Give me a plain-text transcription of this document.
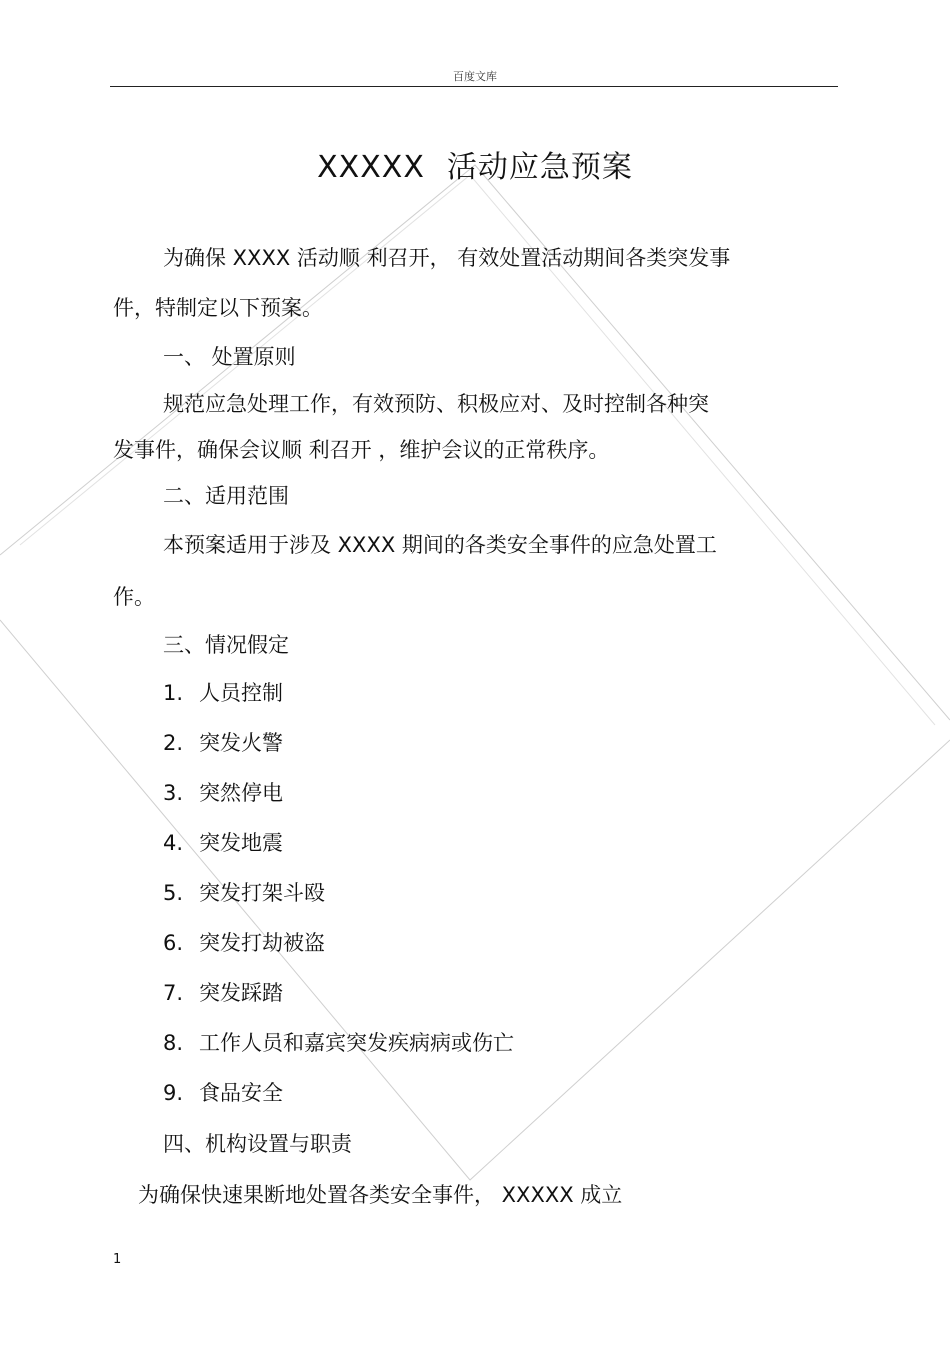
百度文库
XXXXX 活动应急预案
为确保 XXXX 活动顺 利召开， 有效处置活动期间各类突发事
件，特制定以下预案。
一、 处置原则
规范应急处理工作，有效预防、积极应对、及时控制各种突
发事件，确保会议顺 利召开 ，维护会议的正常秩序。
二、适用范围
本预案适用于涉及 XXXX 期间的各类安全事件的应急处置工
作。
三、情况假定
1. 人员控制
2. 突发火警
3. 突然停电
4. 突发地震
5. 突发打架斗殴
6. 突发打劫被盗
7. 突发踩踏
8. 工作人员和嘉宾突发疾病病或伤亡
9. 食品安全
四、机构设置与职责
为确保快速果断地处置各类安全事件， XXXXX 成立
1
